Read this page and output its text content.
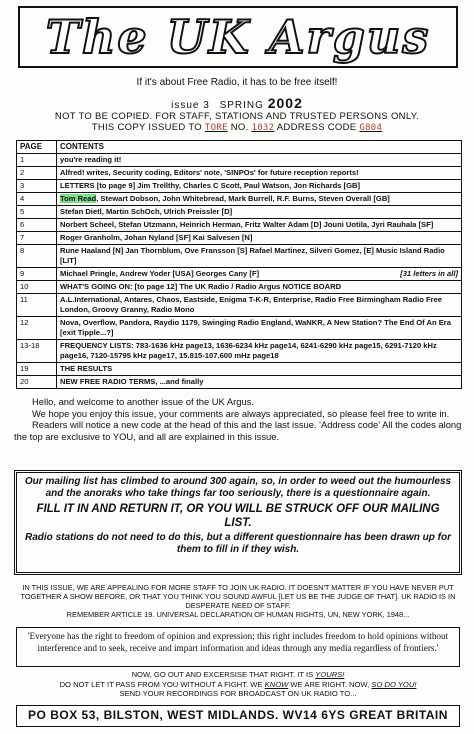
The UK Argus
If it's about Free Radio, it has to be free itself!
issue 3 SPRING 2002
NOT TO BE COPIED. FOR STAFF, STATIONS AND TRUSTED PERSONS ONLY.
THIS COPY ISSUED TO TORE NO. 1032 ADDRESS CODE G804
PAGE	CONTENTS
1	you're reading it!
2	Alfred! writes, Security coding, Editors' note, 'SINPOs' for future reception reports!
3	LETTERS [to page 9] Jim Trellthy, Charles C Scott, Paul Watson, Jon Richards [GB]
4	Tom Read, Stewart Dobson, John Whitebread, Mark Burrell, R.F. Burns, Steven Overall [GB]
5	Stefan Dietl, Martin SchOch, Ulrich Preissler [D]
6	Norbert Scheel, Stefan Utzmann, Heinrich Herman, Fritz Walter Adam [D] Jouni Uotila, Jyri Rauhala [SF]
7	Roger Granholm, Johan Nyland [SF] Kai Salvesen [N]
8	Rune Haaland [N] Jan Thornblum, Ove Fransson [S] Rafael Martinez, Silveri Gomez, [E] Music Island Radio [LIT]
9	Michael Pringle, Andrew Yoder [USA] Georges Cany [F] [31 letters in all]

10	WHAT'S GOING ON: [to page 12] The UK Radio / Radio Argus NOTICE BOARD
11	A.L.International, Antares, Chaos, Eastside, Enigma T-K-R, Enterprise, Radio Free Birmingham Radio Free London, Groovy Granny, Radio Mono
12	Nova, Overflow, Pandora, Raydio 1179, Swinging Radio England, WaNKR, A New Station? The End Of An Era [exit Tipple...?]
13-18	FREQUENCY LISTS: 783-1636 kHz page13, 1636-6234 kHz page14, 6241-6290 kHz page15, 6291-7120 kHz page16, 7120-15795 kHz page17, 15.815-107.600 mHz page18
19	THE RESULTS
20	NEW FREE RADIO TERMS, ...and finally

Hello, and welcome to another issue of the UK Argus.

We hope you enjoy this issue, your comments are always appreciated, so please feel free to write in.

Readers will notice a new code at the head of this and the last issue. 'Address code' All the codes along the top are exclusive to YOU, and all are explained in this issue.

Our mailing list has climbed to around 300 again, so, in order to weed out the humourless and the anoraks who take things far too seriously, there is a questionnaire again.
FILL IT IN AND RETURN IT, OR YOU WILL BE STRUCK OFF OUR MAILING LIST.
Radio stations do not need to do this, but a different questionnaire has been drawn up for them to fill in if they wish.
IN THIS ISSUE, WE ARE APPEALING FOR MORE STAFF TO JOIN UK RADIO. IT DOESN'T MATTER IF YOU HAVE NEVER PUT TOGETHER A SHOW BEFORE, OR THAT YOU THINK YOU SOUND AWFUL [LET US BE THE JUDGE OF THAT]. UK RADIO IS IN DESPERATE NEED OF STAFF.
REMEMBER ARTICLE 19. UNIVERSAL DECLARATION OF HUMAN RIGHTS, UN, NEW YORK, 1948...
'Everyone has the right to freedom of opinion and expression; this right includes freedom to hold opinions without interference and to seek, receive and impart information and ideas through any media regardless of frontiers.'
NOW, GO OUT AND EXCERSISE THAT RIGHT. IT IS YOURS!
DO NOT LET IT PASS FROM YOU WITHOUT A FIGHT. WE KNOW WE ARE RIGHT. NOW, SO DO YOU!
SEND YOUR RECORDINGS FOR BROADCAST ON UK RADIO TO...
PO BOX 53, BILSTON, WEST MIDLANDS. WV14 6YS GREAT BRITAIN
